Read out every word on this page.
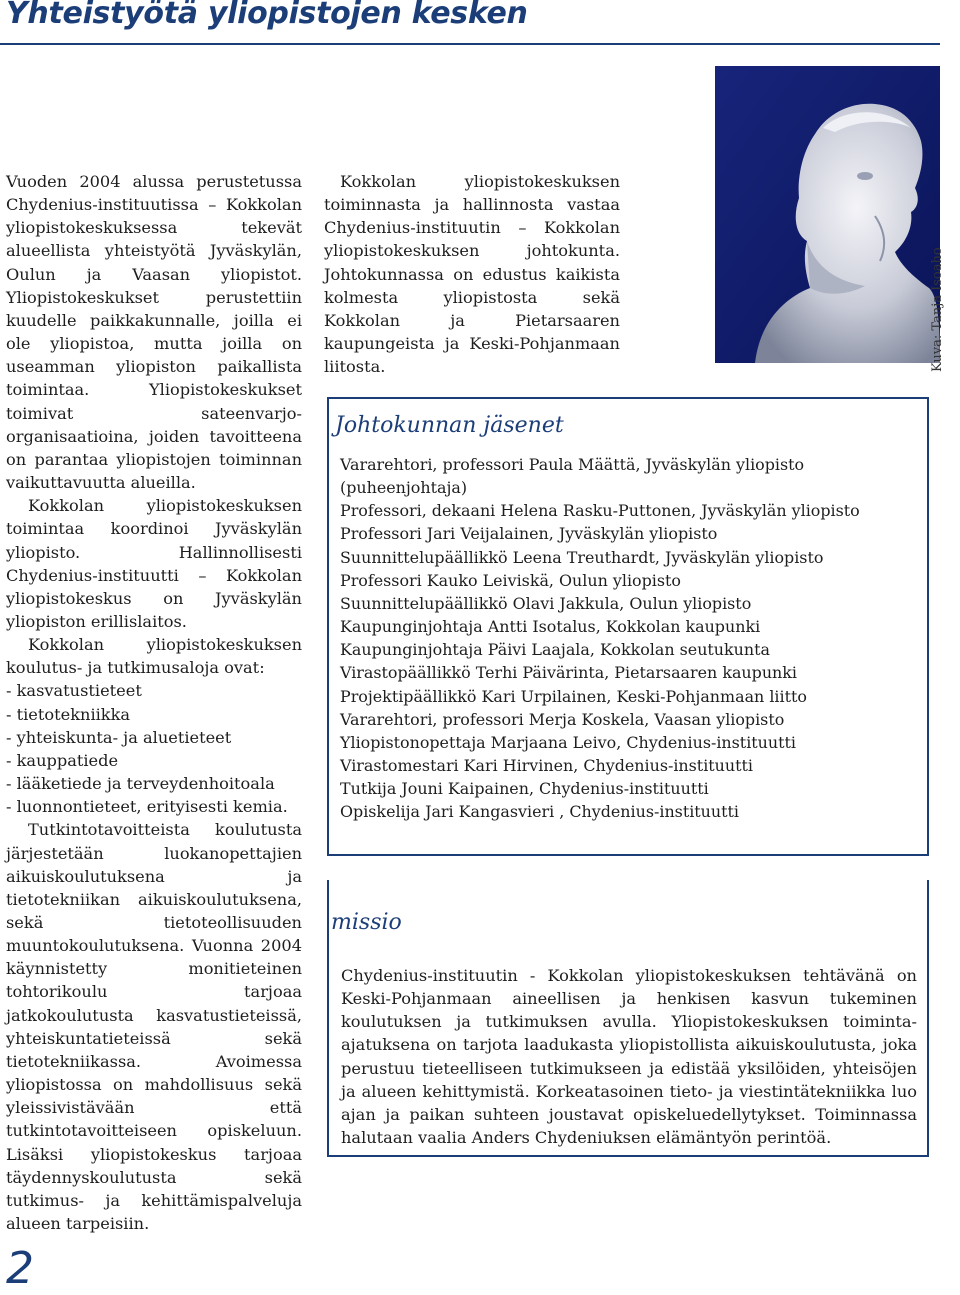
Yhteistyötä yliopistojen kesken

Vuoden 2004 alussa perustetussa Chydenius-instituutissa – Kokkolan yliopistokeskuksessa tekevät alueellista yhteistyötä Jyväskylän, Oulun ja Vaasan yliopistot. Yliopistokeskukset perustettiin kuudelle paikkakunnalle, joilla ei ole yliopistoa, mutta joilla on useamman yliopiston paikallista toimintaa. Yliopistokeskukset toimivat sateenvarjo-organisaatioina, joiden tavoitteena on parantaa yliopistojen toiminnan vaikuttavuutta alueilla.

Kokkolan yliopistokeskuksen toimintaa koordinoi Jyväskylän yliopisto. Hallinnollisesti Chydenius-instituutti – Kokkolan yliopistokeskus on Jyväskylän yliopiston erillislaitos.

Kokkolan yliopistokeskuksen koulutus- ja tutkimusaloja ovat:

- kasvatustieteet
- tietotekniikka
- yhteiskunta- ja aluetieteet
- kauppatiede
- lääketiede ja terveydenhoitoala
- luonnontieteet, erityisesti kemia.

Tutkintotavoitteista koulutusta järjestetään luokanopettajien aikuiskoulutuksena ja tietotekniikan aikuiskoulutuksena, sekä tietoteollisuuden muuntokoulutuksena. Vuonna 2004 käynnistetty monitieteinen tohtorikoulu tarjoaa jatkokoulutusta kasvatustieteissä, yhteiskuntatieteissä sekä tietotekniikassa. Avoimessa yliopistossa on mahdollisuus sekä yleissivistävään että tutkintotavoitteiseen opiskeluun. Lisäksi yliopistokeskus tarjoaa täydennyskoulutusta sekä tutkimus- ja kehittämispalveluja alueen tarpeisiin.

Kokkolan yliopistokeskuksen toiminnasta ja hallinnosta vastaa Chydenius-instituutin – Kokkolan yliopistokeskuksen johtokunta. Johtokunnassa on edustus kaikista kolmesta yliopistosta sekä Kokkolan ja Pietarsaaren kaupungeista ja Keski-Pohjanmaan liitosta.	Kuva: Tanja Isoaho
Johtokunnan jäsenet
Vararehtori, professori Paula Määttä, Jyväskylän yliopisto (puheenjohtaja)
Professori, dekaani Helena Rasku-Puttonen, Jyväskylän yliopisto
Professori Jari Veijalainen, Jyväskylän yliopisto
Suunnittelupäällikkö Leena Treuthardt, Jyväskylän yliopisto
Professori Kauko Leiviskä, Oulun yliopisto
Suunnittelupäällikkö Olavi Jakkula, Oulun yliopisto
Kaupunginjohtaja Antti Isotalus, Kokkolan kaupunki
Kaupunginjohtaja Päivi Laajala, Kokkolan seutukunta
Virastopäällikkö Terhi Päivärinta, Pietarsaaren kaupunki
Projektipäällikkö Kari Urpilainen, Keski-Pohjanmaan liitto
Vararehtori, professori Merja Koskela, Vaasan yliopisto
Yliopistonopettaja Marjaana Leivo, Chydenius-instituutti
Virastomestari Kari Hirvinen, Chydenius-instituutti
Tutkija Jouni Kaipainen, Chydenius-instituutti
Opiskelija Jari Kangasvieri , Chydenius-instituutti
missio

Chydenius-instituutin - Kokkolan yliopistokeskuksen tehtävänä on Keski-Pohjanmaan aineellisen ja henkisen kasvun tukeminen koulutuksen ja tutkimuksen avulla. Yliopistokeskuksen toiminta-ajatuksena on tarjota laadukasta yliopistollista aikuiskoulutusta, joka perustuu tieteelliseen tutkimukseen ja edistää yksilöiden, yhteisöjen ja alueen kehittymistä. Korkeatasoinen tieto- ja viestintätekniikka luo ajan ja paikan suhteen joustavat opiskeluedellytykset. Toiminnassa halutaan vaalia Anders Chydeniuksen elämäntyön perintöä.

2
